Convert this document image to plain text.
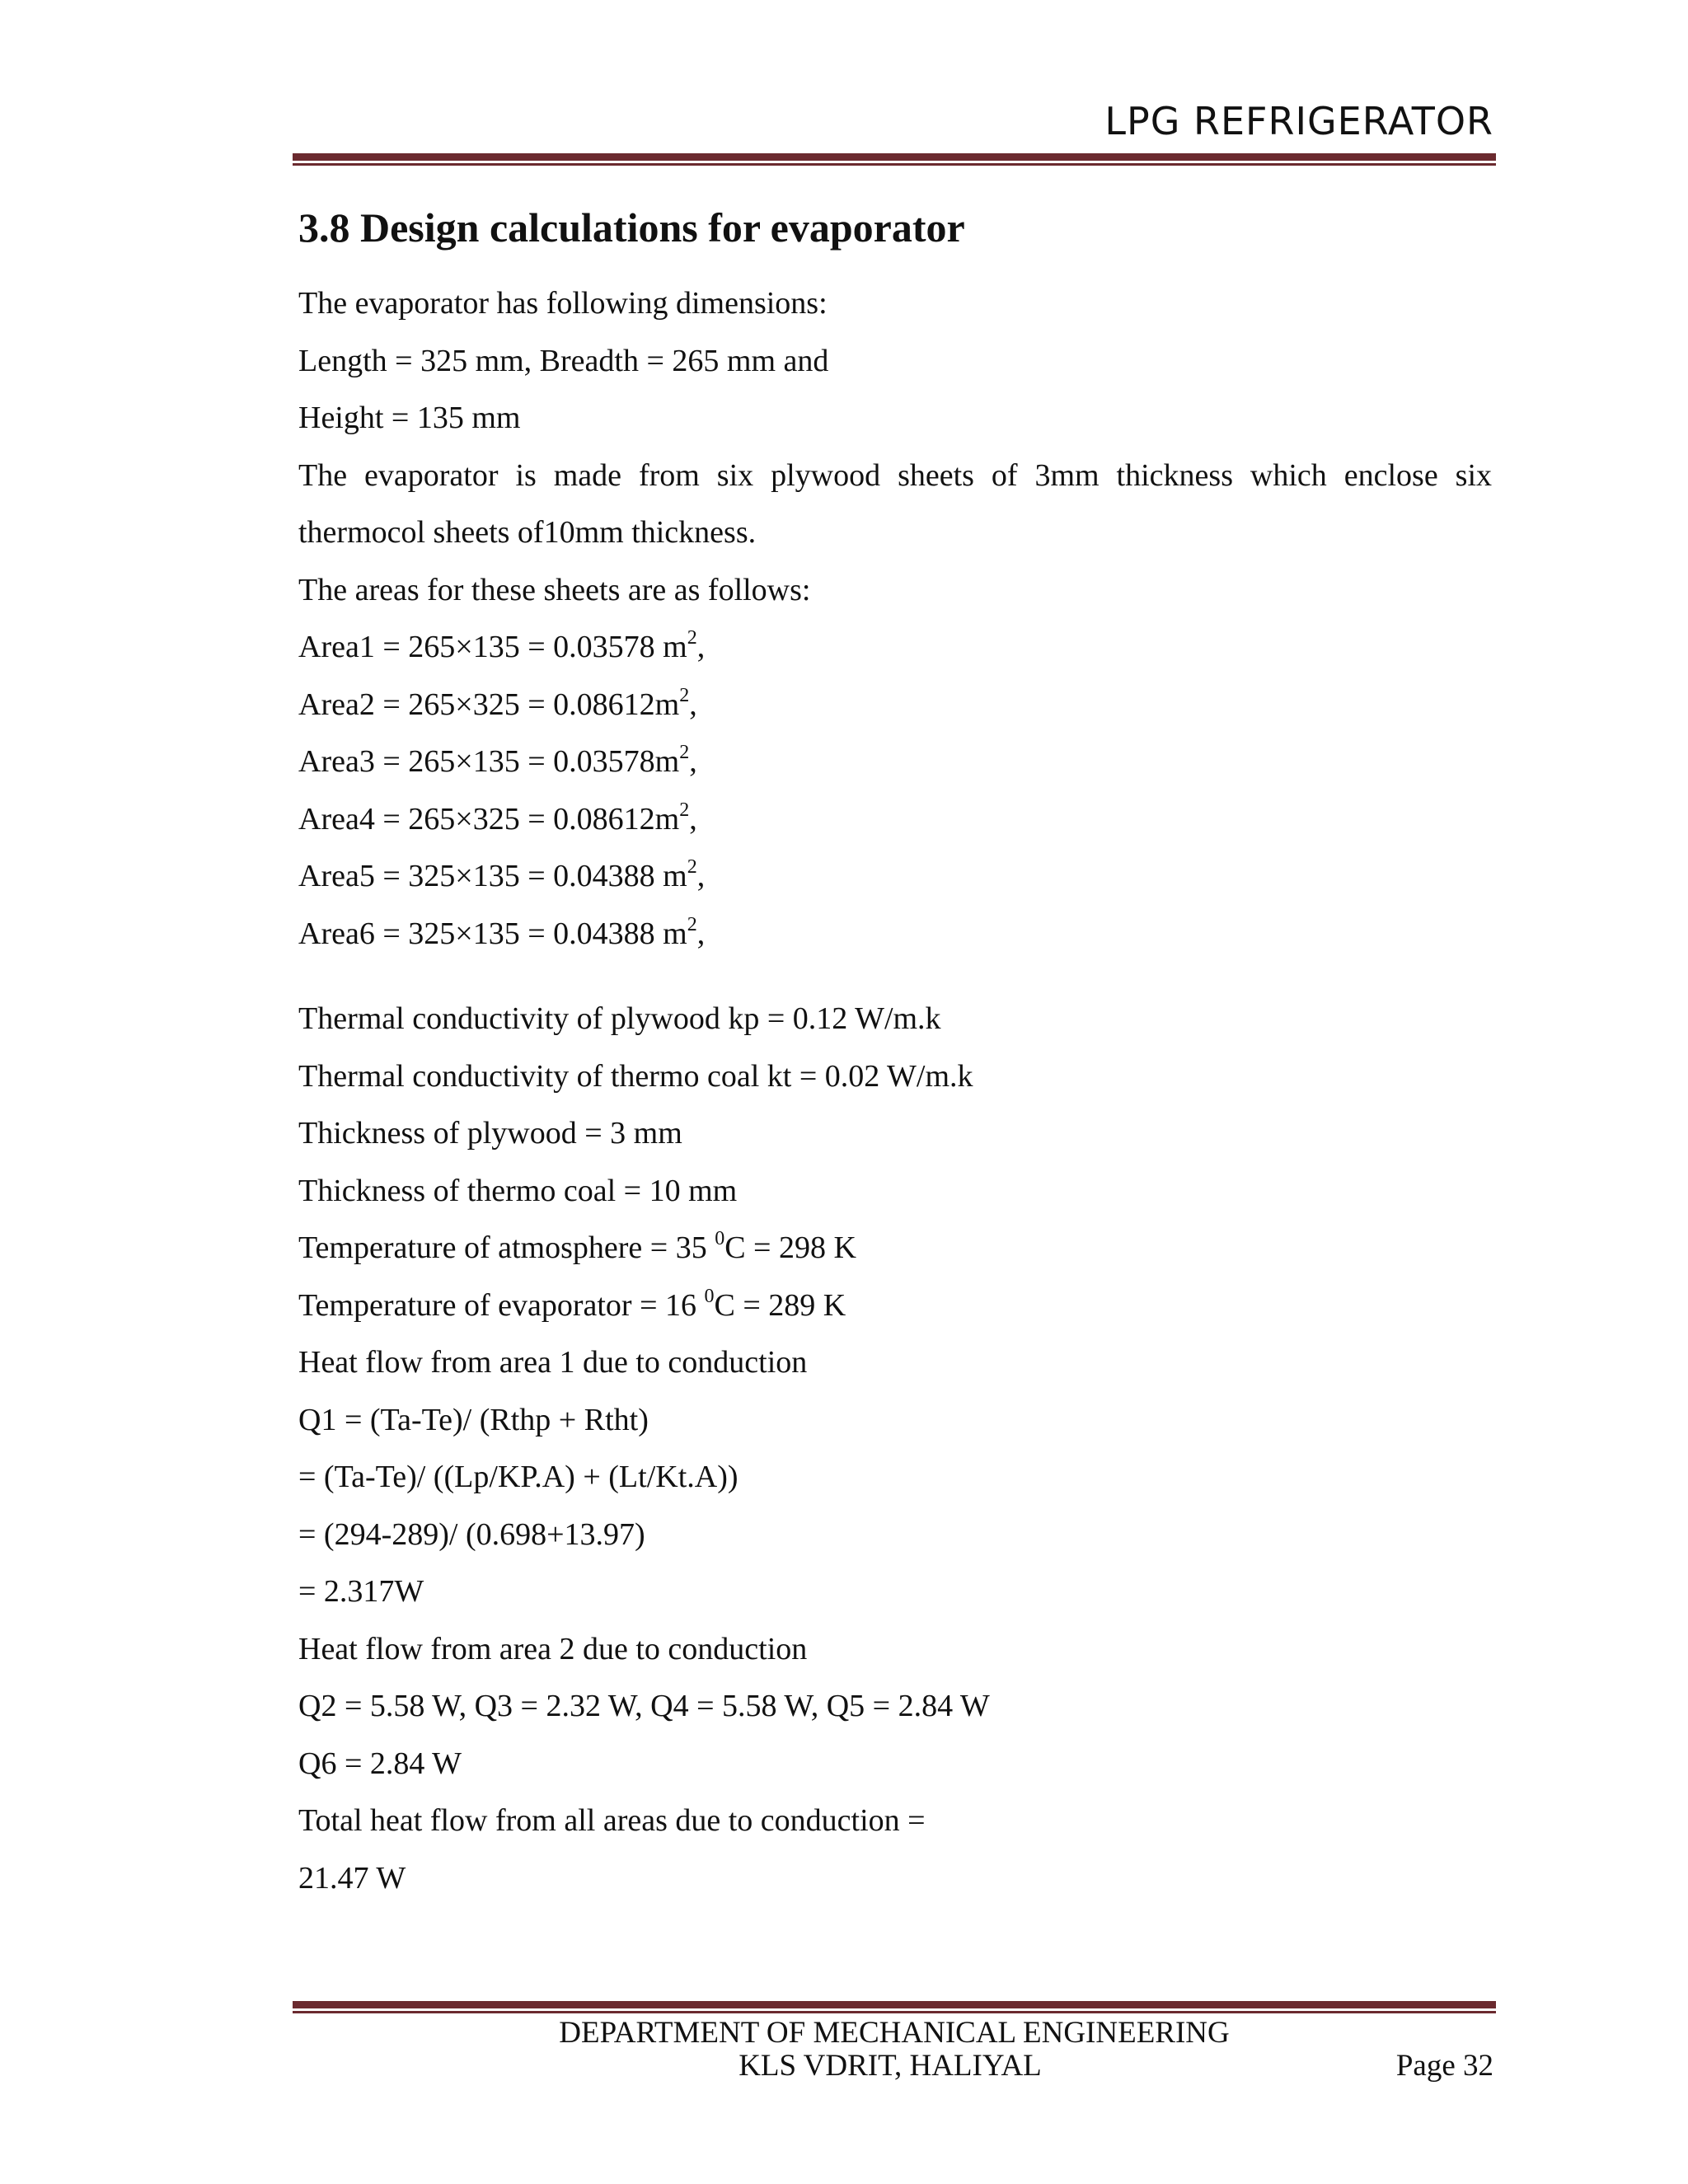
LPG REFRIGERATOR
3.8 Design calculations for evaporator
The evaporator has following dimensions:
Length = 325 mm, Breadth = 265 mm and
Height = 135 mm
The evaporator is made from six plywood sheets of 3mm thickness which enclose six thermocol sheets of10mm thickness.
The areas for these sheets are as follows:
Area1 = 265×135 = 0.03578 $m^2$,
Area2 = $265\times 325 = 0.08612m^2$,
Area3 = $265\times 135 = 0.03578m^2$,
Area4 = $265\times 325 = 0.08612m^2$,
Area5 = 325×135 = 0.04388 $m^2$,
Area6 = 325×135 = 0.04388 $m^2$,
Thermal conductivity of plywood kp = 0.12 W/m.k
Thermal conductivity of thermo coal kt = 0.02 W/m.k
Thickness of plywood = 3 mm
Thickness of thermo coal = 10 mm
Temperature of atmosphere = 35 $^0$C = 298 K
Temperature of evaporator = 16 $^0$C = 289 K
Heat flow from area 1 due to conduction
Q1 = (Ta-Te)/ (Rthp + Rtht)
= (Ta-Te)/ ((Lp/KP.A) + (Lt/Kt.A))
= (294-289)/ (0.698+13.97)
= 2.317W
Heat flow from area 2 due to conduction
Q2 = 5.58 W, Q3 = 2.32 W, Q4 = 5.58 W, Q5 = 2.84 W
Q6 = 2.84 W
Total heat flow from all areas due to conduction =
21.47 W
DEPARTMENT OF MECHANICAL ENGINEERING
KLS VDRIT, HALIYAL	Page 32
